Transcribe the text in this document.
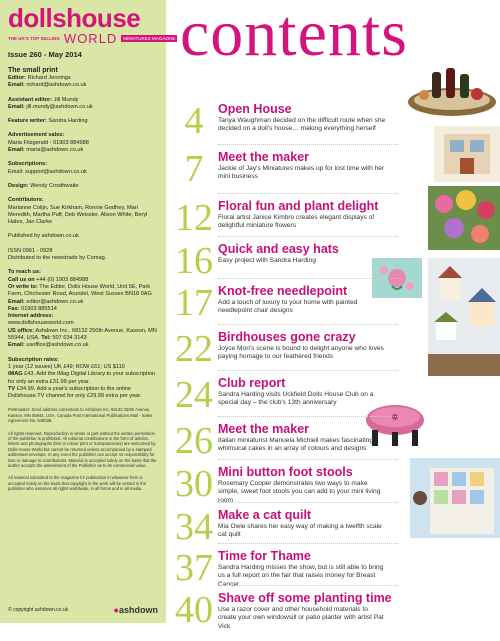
dollshouse
THE UK'S TOP SELLING WORLD	MINIATURES MAGAZINE
Issue 260 - May 2014
The small print
Editor: Richard Jennings
Email: richard@ashdown.co.uk
Assistant editor: Jill Mundy
Email: jill.mundy@ashdown.co.uk
Feature writer: Sandra Harding
Advertisement sales:
Maria Fitzgerald - 01903 884988
Email: maria@ashdown.co.uk
Subscriptions:
Email: support@ashdown.co.uk
Design: Wendy Crosthwaite
Contributors:
Marianne Colijn, Sue Kirkham, Ronnie Godfrey, Mari Meredith, Martha Puff, Deb Weissler, Alison White, Beryl Hales, Jan Clarke
Published by ashdown.co.uk
ISSN 0961 - 0928
Distributed to the newstrade by Comag.
To reach us:
Call us on +44 (0) 1903 884988
Or write to: The Editor, Dolls House World, Unit 5E, Park Farm, Chichester Road, Arundel, West Sussex BN18 0AG
Email: editor@ashdown.co.uk
Fax: 01903 885514
Internet address:
www.dollshouseworld.com
US office: Ashdown Inc., 68132 250th Avenue, Kasson, MN 55944, USA. Tel: 507 634 3143
Email: usoffice@ashdown.co.uk
Subscription rates:
1 year (12 issues) UK £49; ROW £61; US $110
iMAG £43. Add the iMag Digital Library to your subscription for only an extra £31.99 per year.
TV £34.99. Add a year's subscription to the online Dollshouse.TV channel for only £29.99 extra per year.
Postmaster: Send address corrections to Ashdown Inc, 68132 250th Avenue, Kasson, MN 55944, USA. Canada Post International Publications Mail - Sales Agreement No. 546038.
All rights reserved. Reproduction in whole or part without the written permission of the publisher is prohibited. All editorial contributions in the form of articles, letters and photographs (b/w or colour print or transparencies) are welcomed by Dolls House World but cannot be returned unless accompanied by a stamped addressed envelope. In any event the publisher can accept no responsibility for loss or damage to contributions. Material is accepted solely on the basis that the author accepts the assessment of the Publisher as to its commercial value.
All material submitted to the magazine for publication in whatever form is accepted solely on the basis that copyright in the work will be vested in the publisher who assumes all rights worldwide, in all forms and in all media.
© copyright ashdown.co.uk	●ashdown
contents
4	Open House
Tanya Waughman decided on the difficult route when she decided on a doll's house… making everything herself
7	Meet the maker
Jackie of Jay's Miniatures makes up for lost time with her mini business
12 Floral fun and plant delight
Floral artist Janice Kimbro creates elegant displays of delightful miniature flowers
16 Quick and easy hats
Easy project with Sandra Harding
17 Knot-free needlepoint
Add a touch of luxury to your home with painted needlepoint chair designs
22 Birdhouses gone crazy
Joyce Mori's scene is bound to delight anyone who loves paying homage to our feathered friends
24 Club report
Sandra Harding visits Uckfield Dolls House Club on a special day – the club's 13th anniversary
26 Meet the maker
Italian miniaturist Manuela Michieli makes fascinating, whimsical cakes in an array of colours and designs
30 Mini button foot stools
Rosemary Cooper demonstrates two ways to make simple, sweet foot stools you can add to your mini living room
34 Make a cat quilt
Mia Owie shares her easy way of making a twelfth scale cat quilt
37 Time for Thame
Sandra Harding misses the show, but is still able to bring us a full report on the fair that raises money for Breast Cancer
40 Shave off some planting time
Use a razor cover and other household materials to create your own windowsill or patio planter with artist Pat Vick
